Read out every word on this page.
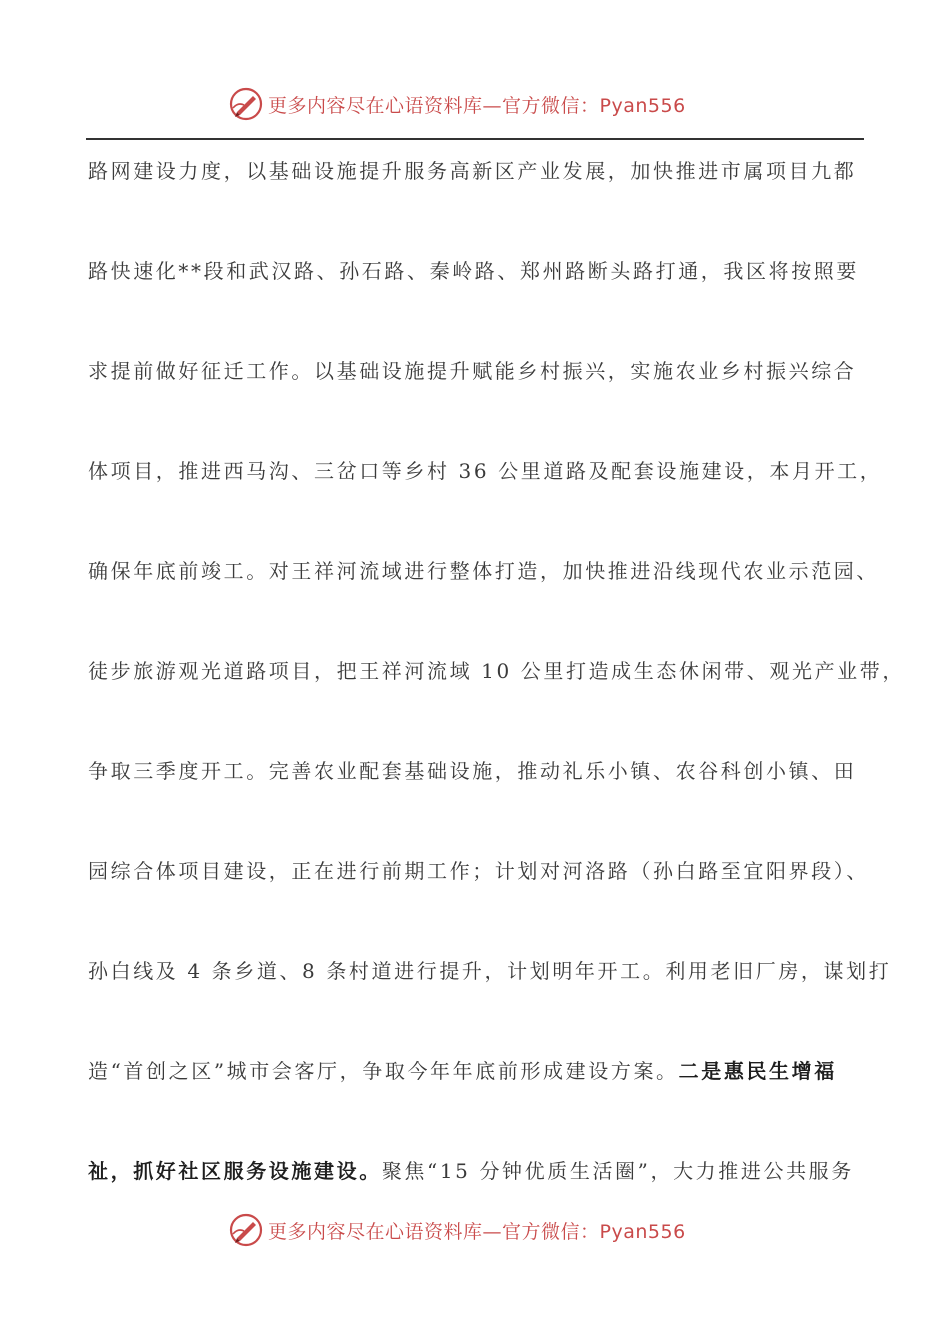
更多内容尽在心语资料库—官方微信：Pyan556
路网建设力度，以基础设施提升服务高新区产业发展，加快推进市属项目九都
路快速化**段和武汉路、孙石路、秦岭路、郑州路断头路打通，我区将按照要
求提前做好征迁工作。以基础设施提升赋能乡村振兴，实施农业乡村振兴综合
体项目，推进西马沟、三岔口等乡村 36 公里道路及配套设施建设，本月开工，
确保年底前竣工。对王祥河流域进行整体打造，加快推进沿线现代农业示范园、
徒步旅游观光道路项目，把王祥河流域 10 公里打造成生态休闲带、观光产业带，
争取三季度开工。完善农业配套基础设施，推动礼乐小镇、农谷科创小镇、田
园综合体项目建设，正在进行前期工作；计划对河洛路（孙白路至宜阳界段）、
孙白线及 4 条乡道、8 条村道进行提升，计划明年开工。利用老旧厂房，谋划打
造“首创之区”城市会客厅，争取今年年底前形成建设方案。二是惠民生增福
祉，抓好社区服务设施建设。聚焦“15 分钟优质生活圈”，大力推进公共服务
更多内容尽在心语资料库—官方微信：Pyan556
